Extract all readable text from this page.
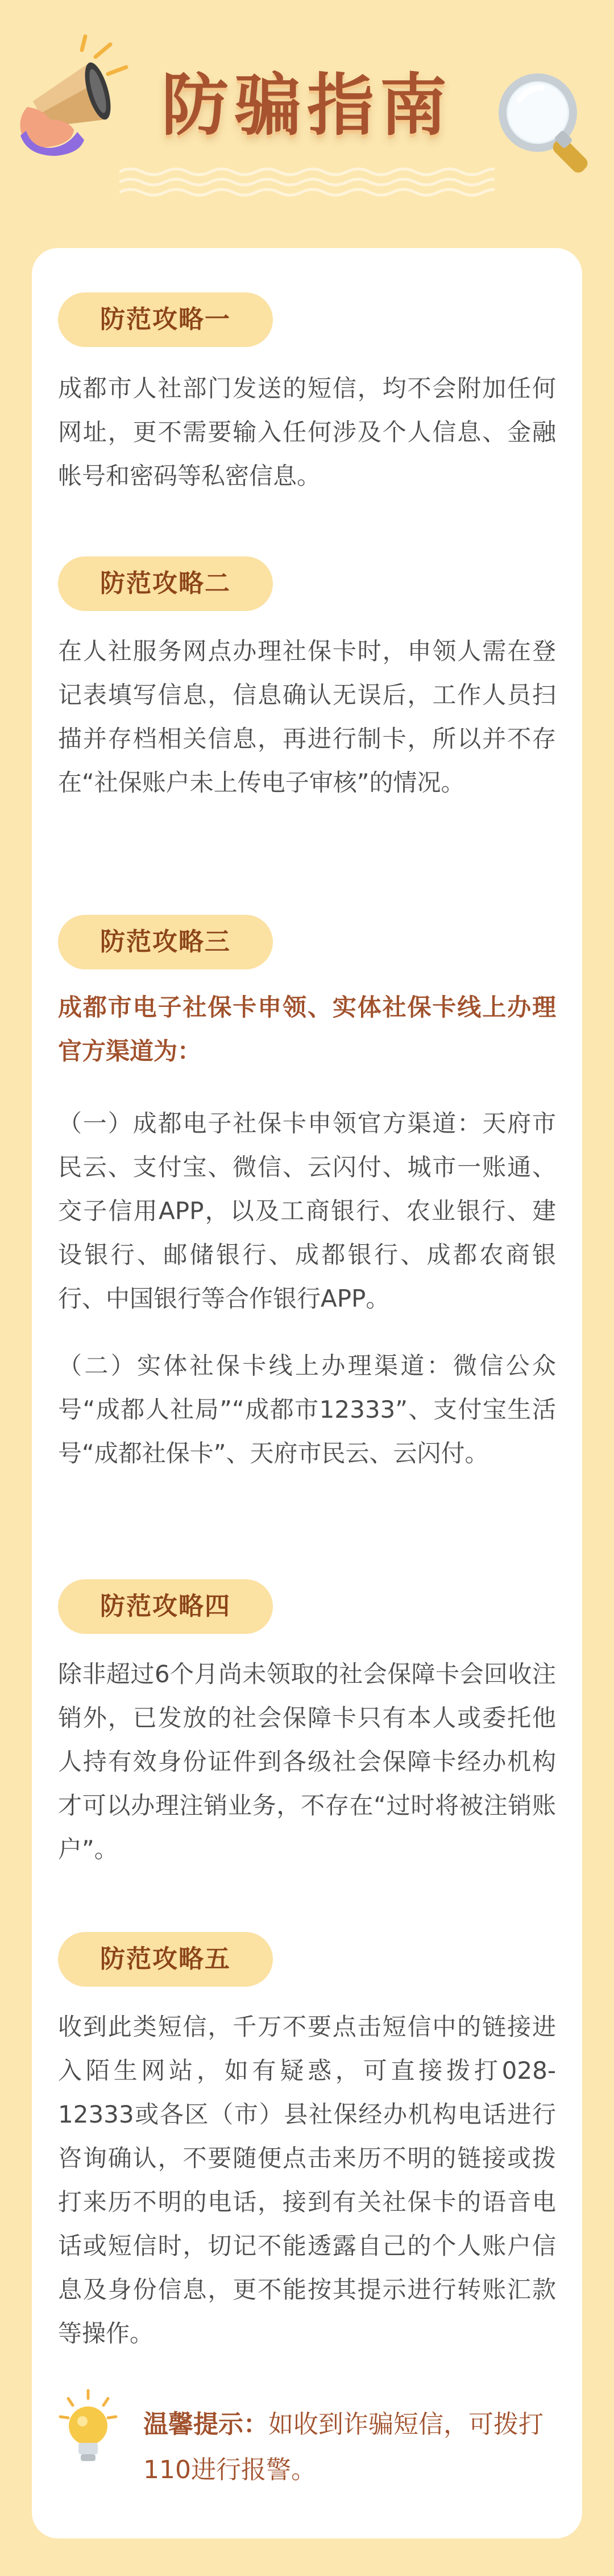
防骗指南
防范攻略一

成都市人社部门发送的短信，均不会附加任何网址，更不需要输入任何涉及个人信息、金融帐号和密码等私密信息。

防范攻略二

在人社服务网点办理社保卡时，申领人需在登记表填写信息，信息确认无误后，工作人员扫描并存档相关信息，再进行制卡，所以并不存在“社保账户未上传电子审核”的情况。

防范攻略三

成都市电子社保卡申领、实体社保卡线上办理官方渠道为：

（一）成都电子社保卡申领官方渠道：天府市民云、支付宝、微信、云闪付、城市一账通、交子信用APP，以及工商银行、农业银行、建设银行、邮储银行、成都银行、成都农商银行、中国银行等合作银行APP。

（二）实体社保卡线上办理渠道：微信公众号“成都人社局”“成都市12333”、支付宝生活号“成都社保卡”、天府市民云、云闪付。

防范攻略四

除非超过6个月尚未领取的社会保障卡会回收注销外，已发放的社会保障卡只有本人或委托他人持有效身份证件到各级社会保障卡经办机构才可以办理注销业务，不存在“过时将被注销账户”。

防范攻略五

收到此类短信，千万不要点击短信中的链接进入陌生网站，如有疑惑，可直接拨打028-12333或各区（市）县社保经办机构电话进行咨询确认，不要随便点击来历不明的链接或拨打来历不明的电话，接到有关社保卡的语音电话或短信时，切记不能透露自己的个人账户信息及身份信息，更不能按其提示进行转账汇款等操作。

温馨提示：如收到诈骗短信，可拨打110进行报警。
